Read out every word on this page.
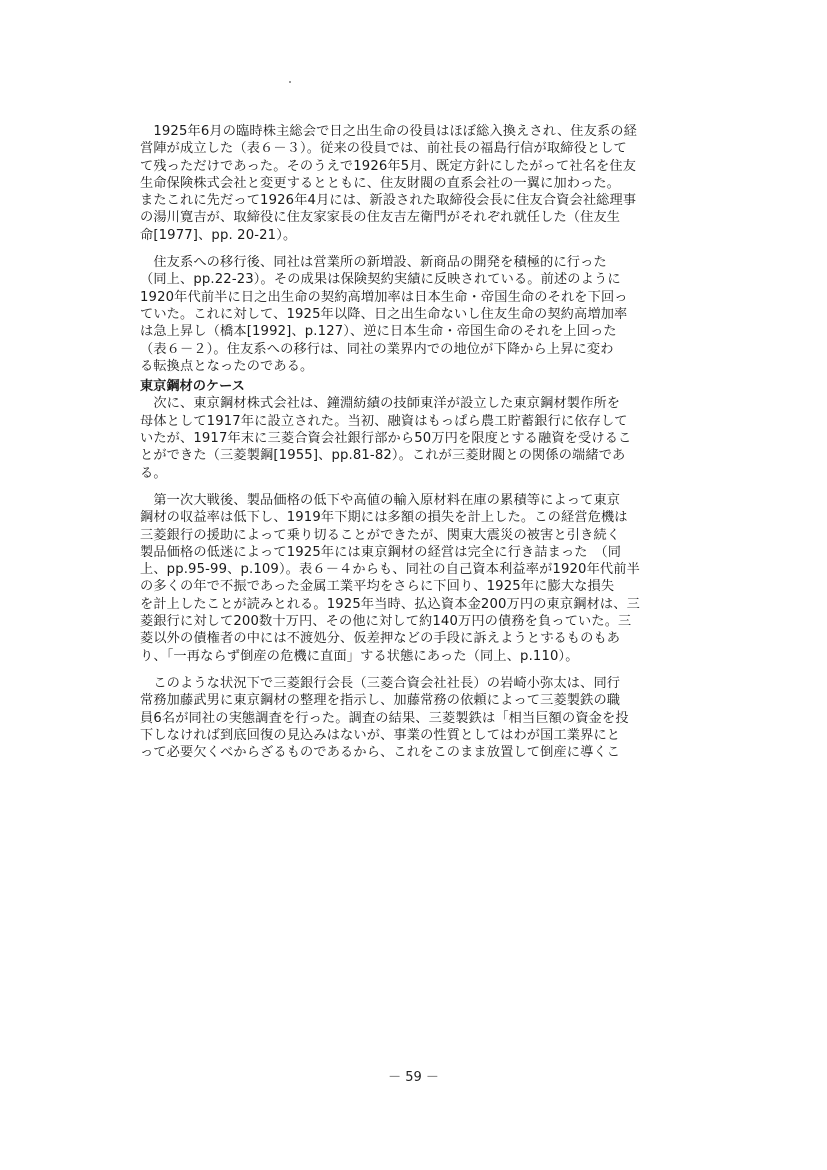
　1925年6月の臨時株主総会で日之出生命の役員はほぼ総入換えされ、住友系の経
営陣が成立した（表６－３）。従来の役員では、前社長の福島行信が取締役として
て残っただけであった。そのうえで1926年5月、既定方針にしたがって社名を住友
生命保険株式会社と変更するとともに、住友財閥の直系会社の一翼に加わった。
またこれに先だって1926年4月には、新設された取締役会長に住友合資会社総理事
の湯川寛吉が、取締役に住友家家長の住友吉左衛門がそれぞれ就任した（住友生
命[1977]、pp. 20-21）。
　住友系への移行後、同社は営業所の新増設、新商品の開発を積極的に行った
（同上、pp.22-23）。その成果は保険契約実績に反映されている。前述のように
1920年代前半に日之出生命の契約高増加率は日本生命・帝国生命のそれを下回っ
ていた。これに対して、1925年以降、日之出生命ないし住友生命の契約高増加率
は急上昇し（橋本[1992]、p.127）、逆に日本生命・帝国生命のそれを上回った
（表６－２）。住友系への移行は、同社の業界内での地位が下降から上昇に変わ
る転換点となったのである。
東京鋼材のケース
　次に、東京鋼材株式会社は、鐘淵紡績の技師東洋が設立した東京鋼材製作所を
母体として1917年に設立された。当初、融資はもっぱら農工貯蓄銀行に依存して
いたが、1917年末に三菱合資会社銀行部から50万円を限度とする融資を受けるこ
とができた（三菱製鋼[1955]、pp.81-82）。これが三菱財閥との関係の端緒であ
る。
　第一次大戦後、製品価格の低下や高値の輸入原材料在庫の累積等によって東京
鋼材の収益率は低下し、1919年下期には多額の損失を計上した。この経営危機は
三菱銀行の援助によって乗り切ることができたが、関東大震災の被害と引き続く
製品価格の低迷によって1925年には東京鋼材の経営は完全に行き詰まった　（同
上、pp.95-99、p.109）。表６－４からも、同社の自己資本利益率が1920年代前半
の多くの年で不振であった金属工業平均をさらに下回り、1925年に膨大な損失
を計上したことが読みとれる。1925年当時、払込資本金200万円の東京鋼材は、三
菱銀行に対して200数十万円、その他に対して約140万円の債務を負っていた。三
菱以外の債権者の中には不渡処分、仮差押などの手段に訴えようとするものもあ
り、「一再ならず倒産の危機に直面」する状態にあった（同上、p.110）。
　このような状況下で三菱銀行会長（三菱合資会社社長）の岩崎小弥太は、同行
常務加藤武男に東京鋼材の整理を指示し、加藤常務の依頼によって三菱製鉄の職
員6名が同社の実態調査を行った。調査の結果、三菱製鉄は「相当巨額の資金を投
下しなければ到底回復の見込みはないが、事業の性質としてはわが国工業界にと
って必要欠くべからざるものであるから、これをこのまま放置して倒産に導くこ
－ 59 －
